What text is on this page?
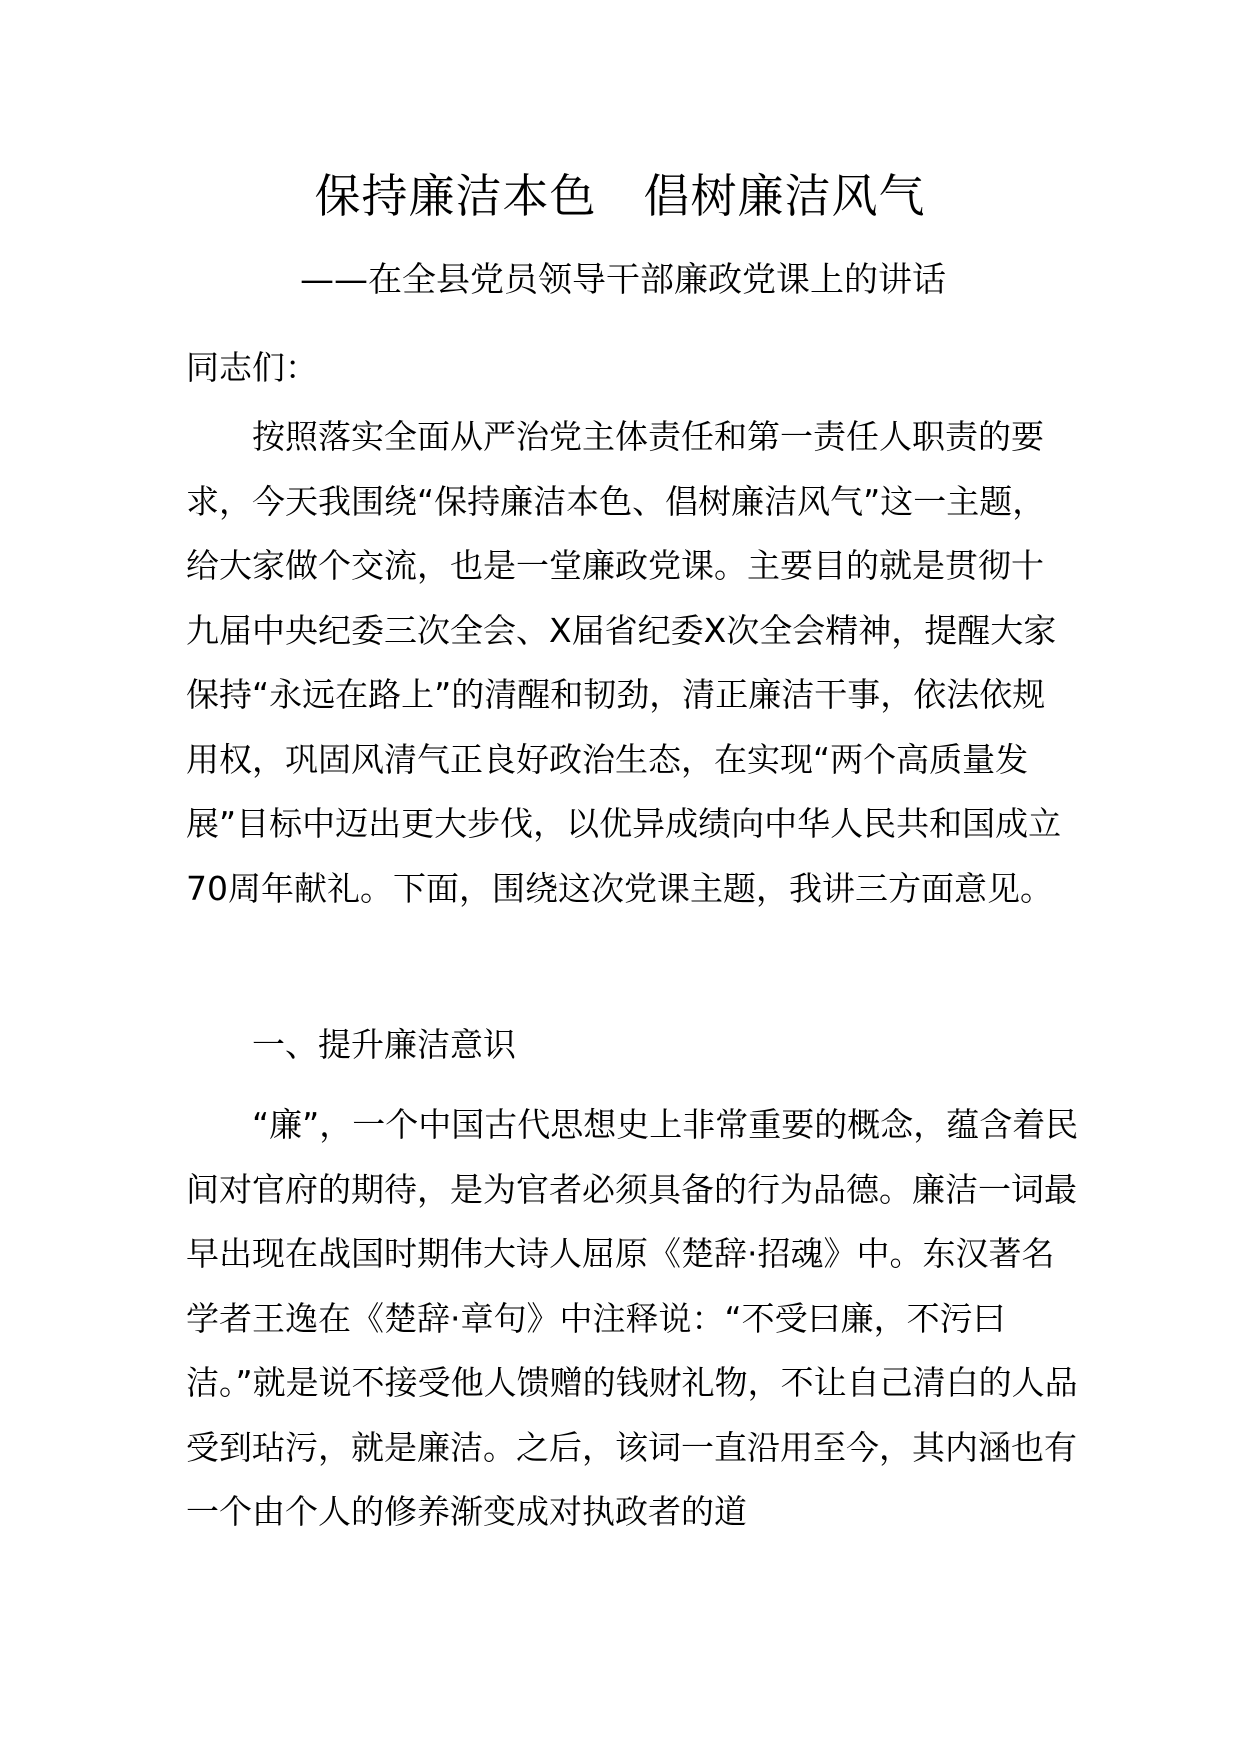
保持廉洁本色　倡树廉洁风气
——在全县党员领导干部廉政党课上的讲话
同志们：
按照落实全面从严治党主体责任和第一责任人职责的要求，今天我围绕“保持廉洁本色、倡树廉洁风气”这一主题，给大家做个交流，也是一堂廉政党课。主要目的就是贯彻十九届中央纪委三次全会、X届省纪委X次全会精神，提醒大家保持“永远在路上”的清醒和韧劲，清正廉洁干事，依法依规用权，巩固风清气正良好政治生态，在实现“两个高质量发展”目标中迈出更大步伐，以优异成绩向中华人民共和国成立70周年献礼。下面，围绕这次党课主题，我讲三方面意见。
一、提升廉洁意识
“廉”，一个中国古代思想史上非常重要的概念，蕴含着民间对官府的期待，是为官者必须具备的行为品德。廉洁一词最早出现在战国时期伟大诗人屈原《楚辞·招魂》中。东汉著名学者王逸在《楚辞·章句》中注释说：“不受曰廉，不污曰洁。”就是说不接受他人馈赠的钱财礼物，不让自己清白的人品受到玷污，就是廉洁。之后，该词一直沿用至今，其内涵也有一个由个人的修养渐变成对执政者的道
